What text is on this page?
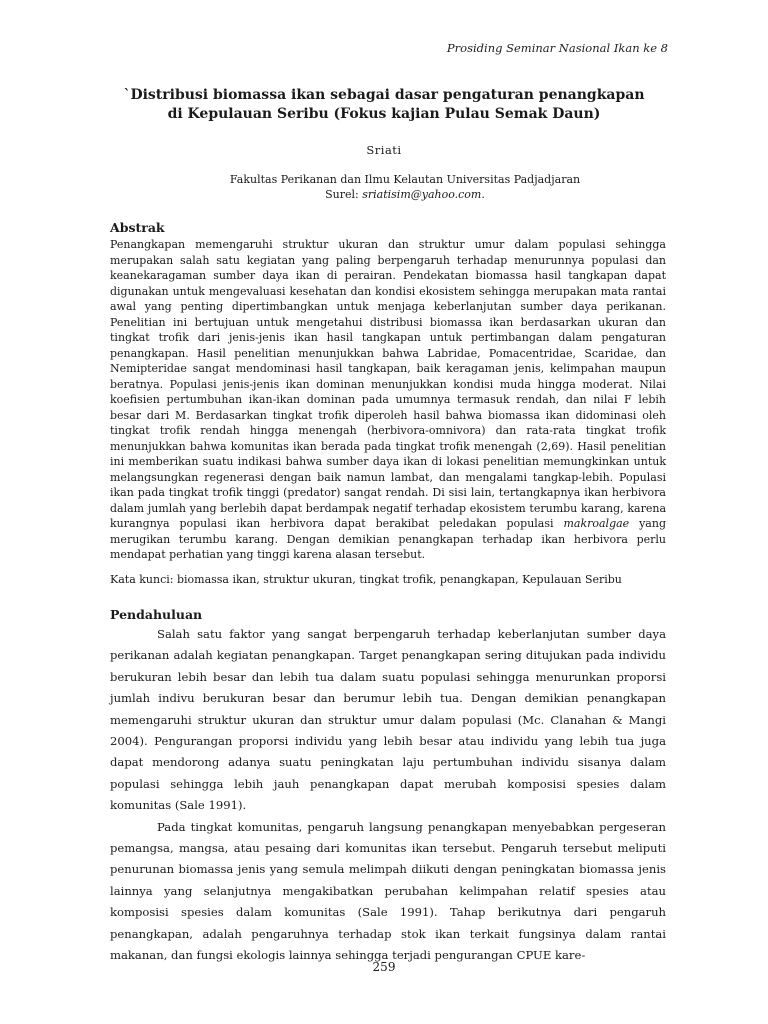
Prosiding Seminar Nasional Ikan ke 8
`Distribusi biomassa ikan sebagai dasar pengaturan penangkapan
di Kepulauan Seribu (Fokus kajian Pulau Semak Daun)
Sriati
Fakultas Perikanan dan Ilmu Kelautan Universitas Padjadjaran
Surel: sriatisim@yahoo.com.
Abstrak

Penangkapan memengaruhi struktur ukuran dan struktur umur dalam populasi sehingga merupakan salah satu kegiatan yang paling berpengaruh terhadap menurunnya populasi dan keanekaragaman sumber daya ikan di perairan. Pendekatan biomassa hasil tangkapan dapat digunakan untuk mengevaluasi kesehatan dan kondisi ekosistem sehingga merupakan mata rantai awal yang penting dipertimbangkan untuk menjaga keberlanjutan sumber daya perikanan. Penelitian ini bertujuan untuk mengetahui distribusi biomassa ikan berdasarkan ukuran dan tingkat trofik dari jenis-jenis ikan hasil tangkapan untuk pertimbangan dalam pengaturan penangkapan. Hasil penelitian menunjukkan bahwa Labridae, Pomacentridae, Scaridae, dan Nemipteridae sangat mendominasi hasil tangkapan, baik keragaman jenis, kelimpahan maupun beratnya. Populasi jenis-jenis ikan dominan menunjukkan kondisi muda hingga moderat. Nilai koefisien pertumbuhan ikan-ikan dominan pada umumnya termasuk rendah, dan nilai F lebih besar dari M. Berdasarkan tingkat trofik diperoleh hasil bahwa biomassa ikan didominasi oleh tingkat trofik rendah hingga menengah (herbivora-omnivora) dan rata-rata tingkat trofik menunjukkan bahwa komunitas ikan berada pada tingkat trofik menengah (2,69). Hasil penelitian ini memberikan suatu indikasi bahwa sumber daya ikan di lokasi penelitian memungkinkan untuk melangsungkan regenerasi dengan baik namun lambat, dan mengalami tangkap-lebih. Populasi ikan pada tingkat trofik tinggi (predator) sangat rendah. Di sisi lain, tertangkapnya ikan herbivora dalam jumlah yang berlebih dapat berdampak negatif terhadap ekosistem terumbu karang, karena kurangnya populasi ikan herbivora dapat berakibat peledakan populasi makroalgae yang merugikan terumbu karang. Dengan demikian penangkapan terhadap ikan herbivora perlu mendapat perhatian yang tinggi karena alasan tersebut.

Kata kunci: biomassa ikan, struktur ukuran, tingkat trofik, penangkapan, Kepulauan Seribu
Pendahuluan

Salah satu faktor yang sangat berpengaruh terhadap keberlanjutan sumber daya perikanan adalah kegiatan penangkapan. Target penangkapan sering ditujukan pada individu berukuran lebih besar dan lebih tua dalam suatu populasi sehingga menurunkan proporsi jumlah indivu berukuran besar dan berumur lebih tua. Dengan demikian penangkapan memengaruhi struktur ukuran dan struktur umur dalam populasi (Mc. Clanahan & Mangi 2004). Pengurangan proporsi individu yang lebih besar atau individu yang lebih tua juga dapat mendorong adanya suatu peningkatan laju pertumbuhan individu sisanya dalam populasi sehingga lebih jauh penangkapan dapat merubah komposisi spesies dalam komunitas (Sale 1991).

Pada tingkat komunitas, pengaruh langsung penangkapan menyebabkan pergeseran pemangsa, mangsa, atau pesaing dari komunitas ikan tersebut. Pengaruh tersebut meliputi penurunan biomassa jenis yang semula melimpah diikuti dengan peningkatan biomassa jenis lainnya yang selanjutnya mengakibatkan perubahan kelimpahan relatif spesies atau komposisi spesies dalam komunitas (Sale 1991). Tahap berikutnya dari pengaruh penangkapan, adalah pengaruhnya terhadap stok ikan terkait fungsinya dalam rantai makanan, dan fungsi ekologis lainnya sehingga terjadi pengurangan CPUE kare-

259
